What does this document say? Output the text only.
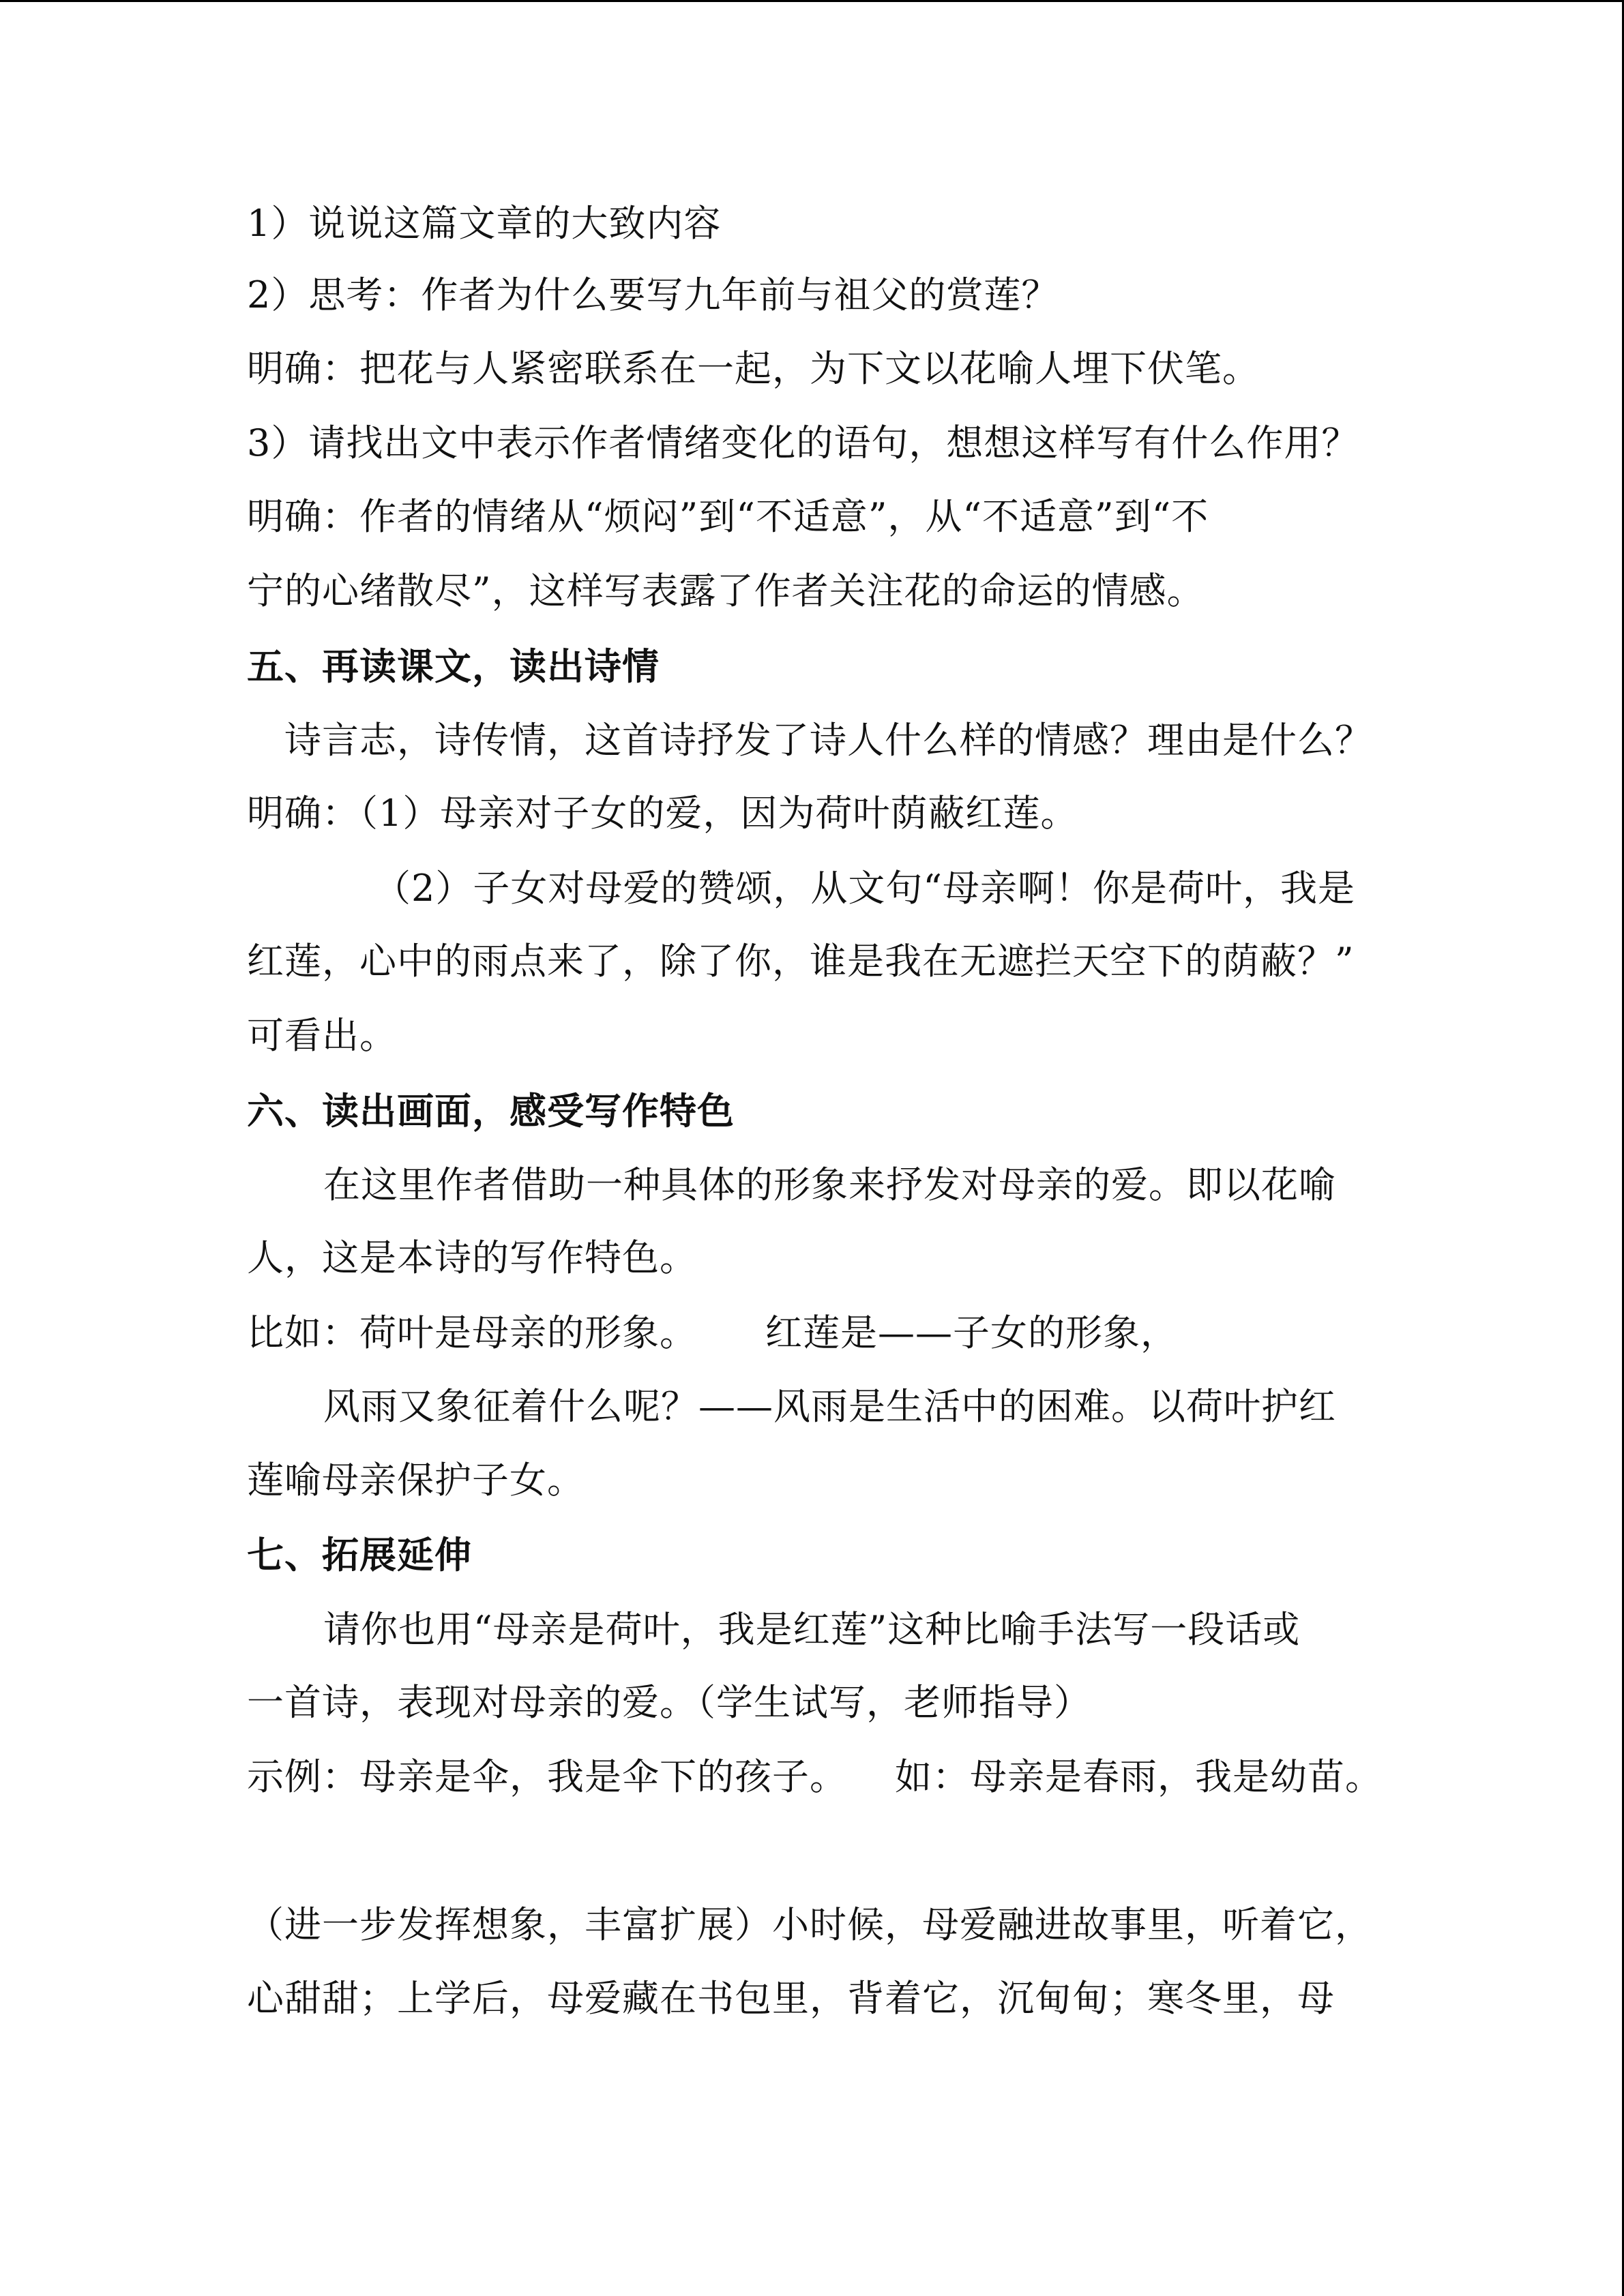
1）说说这篇文章的大致内容
2）思考：作者为什么要写九年前与祖父的赏莲？
明确：把花与人紧密联系在一起，为下文以花喻人埋下伏笔。
3）请找出文中表示作者情绪变化的语句，想想这样写有什么作用？
明确：作者的情绪从“烦闷”到“不适意”，从“不适意”到“不
宁的心绪散尽”，这样写表露了作者关注花的命运的情感。
五、再读课文，读出诗情
诗言志，诗传情，这首诗抒发了诗人什么样的情感？理由是什么？
明确：（1）母亲对子女的爱，因为荷叶荫蔽红莲。
（2）子女对母爱的赞颂，从文句“母亲啊！你是荷叶，我是
红莲，心中的雨点来了，除了你，谁是我在无遮拦天空下的荫蔽？”
可看出。
六、读出画面，感受写作特色
在这里作者借助一种具体的形象来抒发对母亲的爱。即以花喻
人，这是本诗的写作特色。
比如：荷叶是母亲的形象。 红莲是——子女的形象，
风雨又象征着什么呢？——风雨是生活中的困难。以荷叶护红
莲喻母亲保护子女。
七、拓展延伸
请你也用“母亲是荷叶，我是红莲”这种比喻手法写一段话或
一首诗，表现对母亲的爱。（学生试写，老师指导）
示例：母亲是伞，我是伞下的孩子。 如：母亲是春雨，我是幼苗。
（进一步发挥想象，丰富扩展）小时候，母爱融进故事里，听着它，
心甜甜；上学后，母爱藏在书包里，背着它，沉甸甸；寒冬里，母
